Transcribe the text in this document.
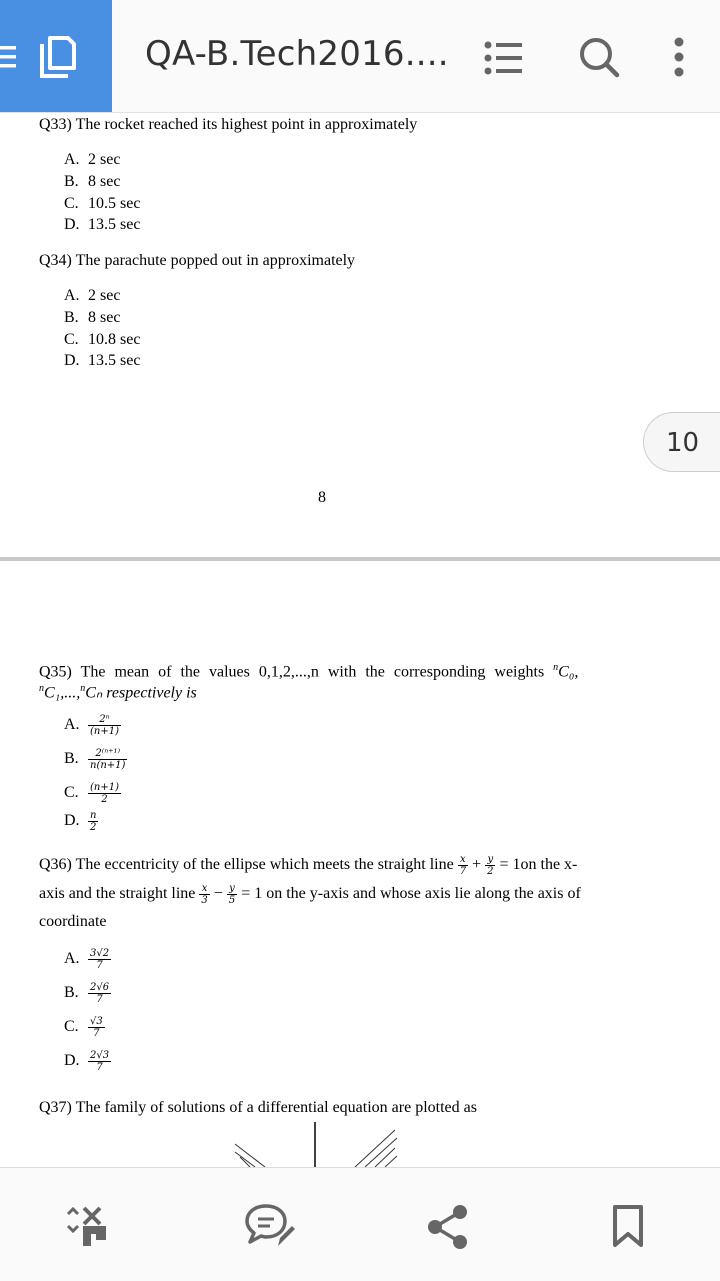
QA-B.Tech2016....
Q33) The rocket reached its highest point in approximately
A. 2 sec
B. 8 sec
C. 10.5 sec
D. 13.5 sec
Q34) The parachute popped out in approximately
A. 2 sec
B. 8 sec
C. 10.8 sec
D. 13.5 sec
10
8
Q35) The mean of the values 0,1,2,...,n with the corresponding weights $^n$C₀,
$^n$C₁,...,$^n$Cₙ respectively is
A. $\frac{\text{2ⁿ}}{(n+1)}$
B. $\frac{\text{2⁽ⁿ⁺¹⁾}}{n(n+1)}$
C. $\frac{(n+1)}{2}$
D. $\frac{n}{2}$
Q36) The eccentricity of the ellipse which meets the straight line $\frac{x}{7} + \frac{y}{2} = 1on$ the x-
axis and the straight line $\frac{x}{3} - \frac{y}{5} = 1$ on the y-axis and whose axis lie along the axis of
coordinate
A. $\frac{3√2}{7}$
B. $\frac{2√6}{7}$
C. $\frac{√3}{7}$
D. $\frac{2√3}{7}$
Q37) The family of solutions of a differential equation are plotted as
